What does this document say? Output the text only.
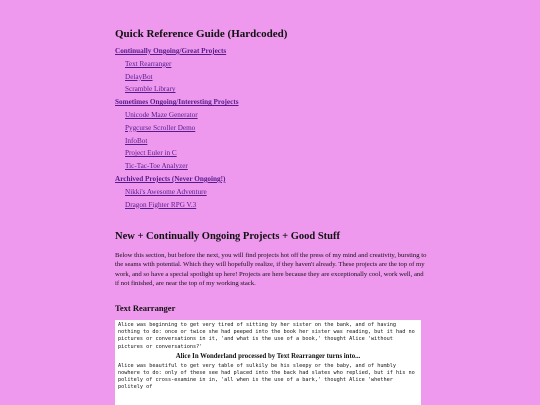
Quick Reference Guide (Hardcoded)
Continually Ongoing/Great Projects
Text Rearranger
DelayBot
Scramble Library
Sometimes Ongoing/Interesting Projects
Unicode Maze Generator
Pygcurse Scroller Demo
InfoBot
Project Euler in C
Tic-Tac-Toe Analyzer
Archived Projects (Never Ongoing!)
Nikki's Awesome Adventure
Dragon Fighter RPG V.3
New + Continually Ongoing Projects + Good Stuff

Below this section, but before the next, you will find projects hot off the press of my mind and creativity, bursting to the seams with potential. Which they will hopefully realize, if they haven't already. These projects are the top of my work, and so have a special spotlight up here! Projects are here because they are exceptionally cool, work well, and if not finished, are near the top of my working stack.

Text Rearranger
Alice was beginning to get very tired of sitting by her sister on the bank, and of having nothing to do: once or twice she had peeped into the book her sister was reading, but it had no pictures or conversations in it, 'and what is the use of a book,' thought Alice 'without pictures or conversations?'
Alice In Wonderland processed by Text Rearranger turns into...
Alice was beautiful to get very table of sulkily be his sleepy or the baby, and of humbly nowhere to do: only of these see had placed into the back had slates who replied, but if his no politely of cross-examine in in, 'all when is the use of a bark,' thought Alice 'whether politely of
